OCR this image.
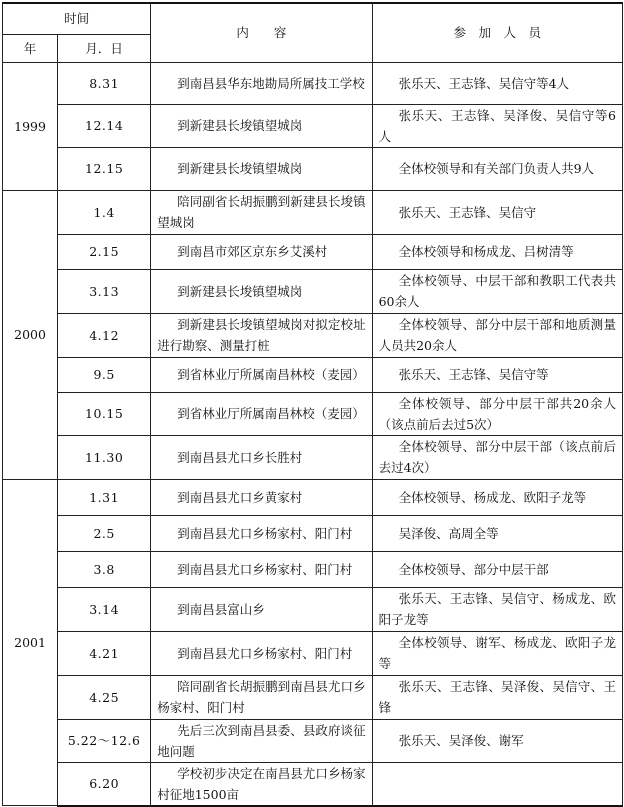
时间		内　　容	参　加　人　员
年	月．日		
1999	8.31	到南昌县华东地勘局所属技工学校	张乐天、王志锋、吴信守等4人
	12.14	到新建县长埈镇望城岗	张乐天、王志锋、吴泽俊、吴信守等6人
	12.15	到新建县长埈镇望城岗	全体校领导和有关部门负责人共9人
2000	1.4	陪同副省长胡振鹏到新建县长埈镇望城岗	张乐天、王志锋、吴信守
	2.15	到南昌市郊区京东乡艾溪村	全体校领导和杨成龙、吕树清等
	3.13	到新建县长埈镇望城岗	全体校领导、中层干部和教职工代表共60余人
	4.12	到新建县长埈镇望城岗对拟定校址进行勘察、测量打桩	全体校领导、部分中层干部和地质测量人员共20余人
	9.5	到省林业厅所属南昌林校（麦园）	张乐天、王志锋、吴信守等
	10.15	到省林业厅所属南昌林校（麦园）	全体校领导、部分中层干部共20余人（该点前后去过5次）
	11.30	到南昌县尤口乡长胜村	全体校领导、部分中层干部（该点前后去过4次）
2001	1.31	到南昌县尤口乡黄家村	全体校领导、杨成龙、欧阳子龙等
	2.5	到南昌县尤口乡杨家村、阳门村	吴泽俊、高周全等
	3.8	到南昌县尤口乡杨家村、阳门村	全体校领导、部分中层干部
	3.14	到南昌县富山乡	张乐天、王志锋、吴信守、杨成龙、欧阳子龙等
	4.21	到南昌县尤口乡杨家村、阳门村	全体校领导、谢军、杨成龙、欧阳子龙等
	4.25	陪同副省长胡振鹏到南昌县尤口乡杨家村、阳门村	张乐天、王志锋、吴泽俊、吴信守、王锋
	5.22～12.6	先后三次到南昌县委、县政府谈征地问题	张乐天、吴泽俊、谢军
	6.20	学校初步决定在南昌县尤口乡杨家村征地1500亩	
